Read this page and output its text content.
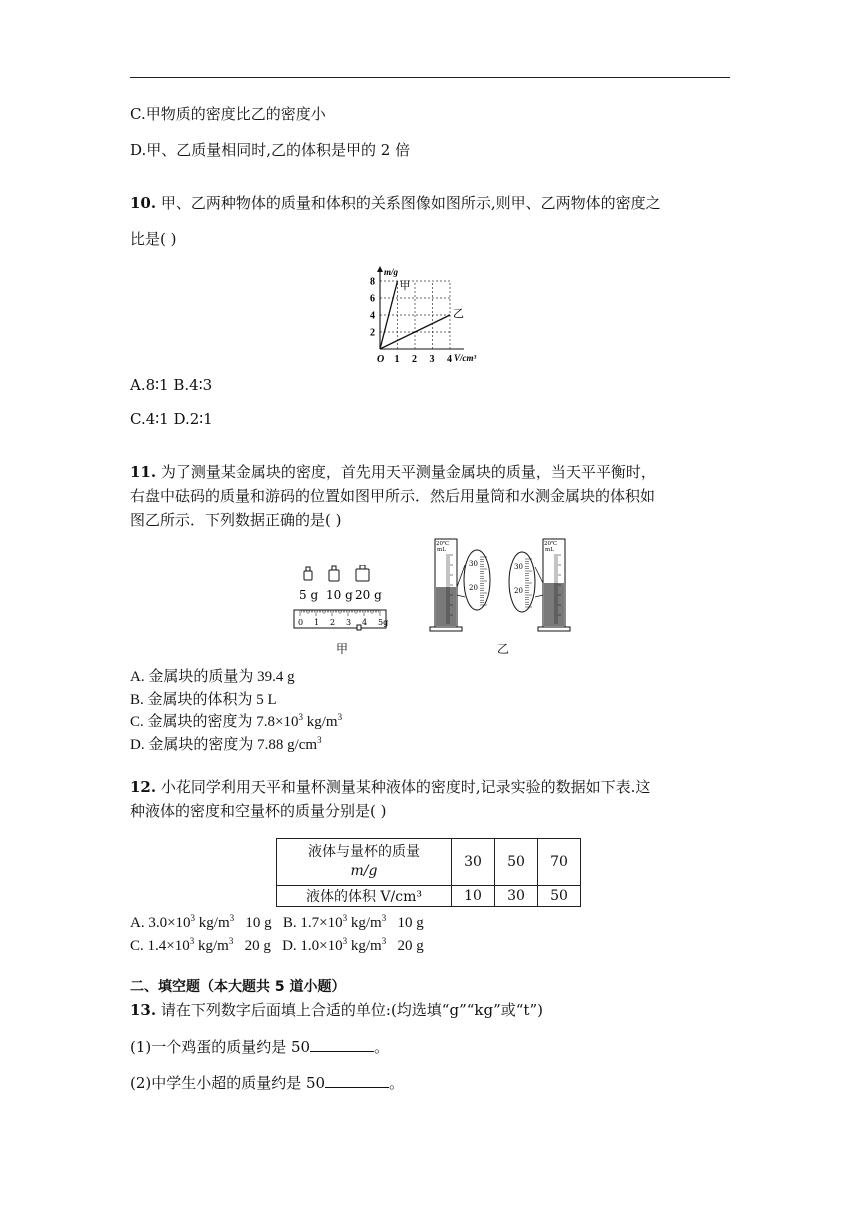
C.甲物质的密度比乙的密度小
D.甲、乙质量相同时,乙的体积是甲的 2 倍
10. 甲、乙两种物体的质量和体积的关系图像如图所示,则甲、乙两物体的密度之
比是( )
2
4
6
8
O 1 2 3 4
m/g
V/cm³
甲
乙
A.8∶1 B.4∶3
C.4∶1 D.2∶1
11. 为了测量某金属块的密度，首先用天平测量金属块的质量，当天平平衡时，
右盘中砝码的质量和游码的位置如图甲所示．然后用量筒和水测金属块的体积如
图乙所示．下列数据正确的是( )
5 g 10 g 20 g
0 1 2 3 4 5g
甲
20℃
mL
30
20
30
20
20℃
mL
乙
A. 金属块的质量为 39.4 g
B. 金属块的体积为 5 L
C. 金属块的密度为 $7.8\times 10^3$ $kg/m^3$
D. 金属块的密度为 7.88 $g/cm^3$
12. 小花同学利用天平和量杯测量某种液体的密度时,记录实验的数据如下表.这
种液体的密度和空量杯的质量分别是( )
液体与量杯的质量
m/g	30	50	70
液体的体积 V/cm³	10	30	50
A. $3.0\times 10^3$ $kg/m^3$   10 g   B. $1.7\times 10^3$ $kg/m^3$   10 g
C. $1.4\times 10^3$ $kg/m^3$   20 g   D. $1.0\times 10^3$ $kg/m^3$   20 g
二、填空题（本大题共 5 道小题）
13. 请在下列数字后面填上合适的单位:(均选填“g”“kg”或“t”)
(1)一个鸡蛋的质量约是 50	。
(2)中学生小超的质量约是 50	。
